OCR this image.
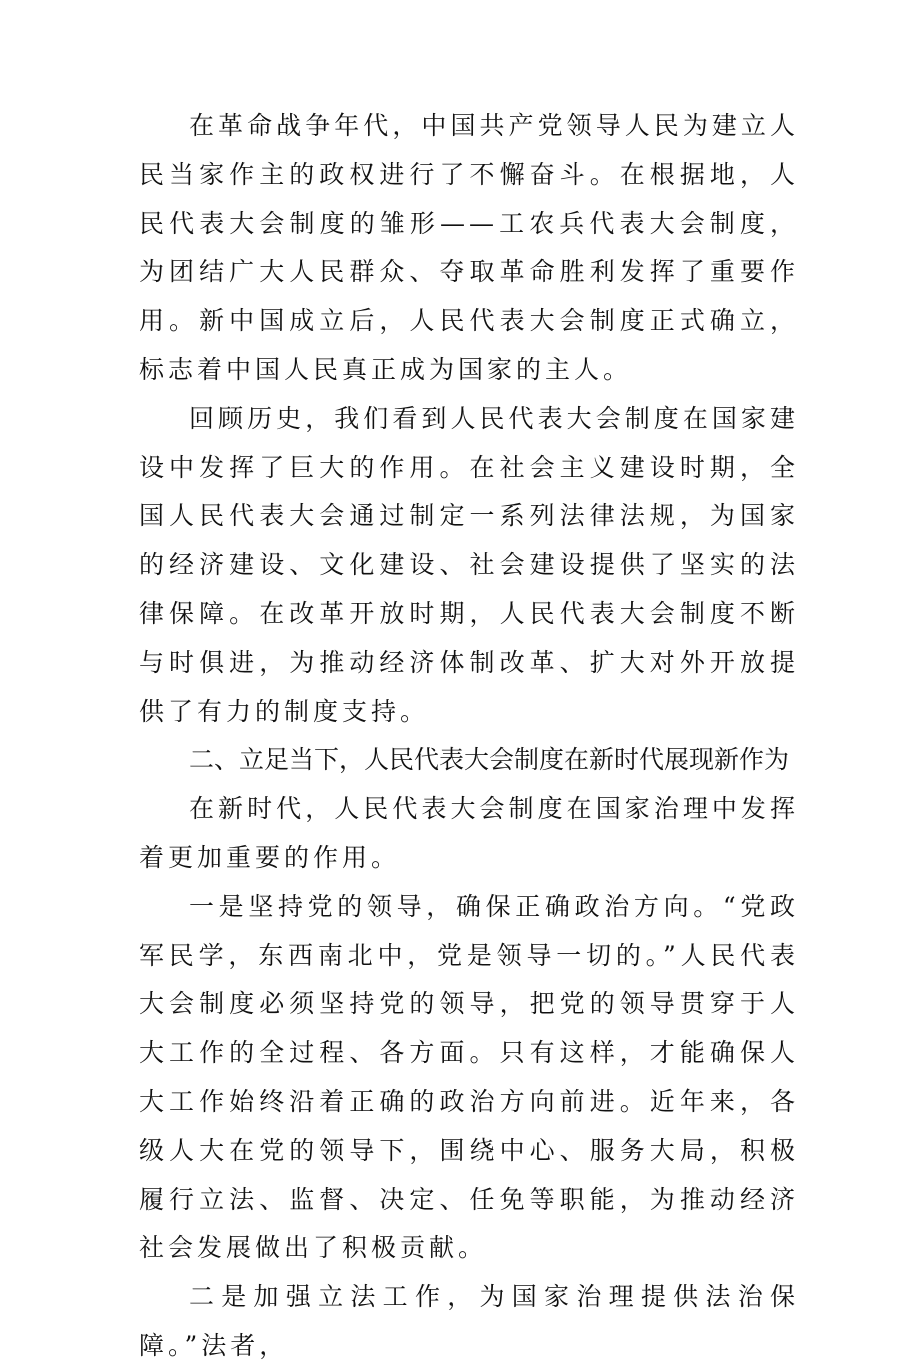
在革命战争年代，中国共产党领导人民为建立人民当家作主的政权进行了不懈奋斗。在根据地，人民代表大会制度的雏形——工农兵代表大会制度，为团结广大人民群众、夺取革命胜利发挥了重要作用。新中国成立后，人民代表大会制度正式确立，标志着中国人民真正成为国家的主人。

回顾历史，我们看到人民代表大会制度在国家建设中发挥了巨大的作用。在社会主义建设时期，全国人民代表大会通过制定一系列法律法规，为国家的经济建设、文化建设、社会建设提供了坚实的法律保障。在改革开放时期，人民代表大会制度不断与时俱进，为推动经济体制改革、扩大对外开放提供了有力的制度支持。

二、立足当下，人民代表大会制度在新时代展现新作为

在新时代，人民代表大会制度在国家治理中发挥着更加重要的作用。

一是坚持党的领导，确保正确政治方向。“党政军民学，东西南北中，党是领导一切的。”人民代表大会制度必须坚持党的领导，把党的领导贯穿于人大工作的全过程、各方面。只有这样，才能确保人大工作始终沿着正确的政治方向前进。近年来，各级人大在党的领导下，围绕中心、服务大局，积极履行立法、监督、决定、任免等职能，为推动经济社会发展做出了积极贡献。

二是加强立法工作，为国家治理提供法治保障。”法者，
